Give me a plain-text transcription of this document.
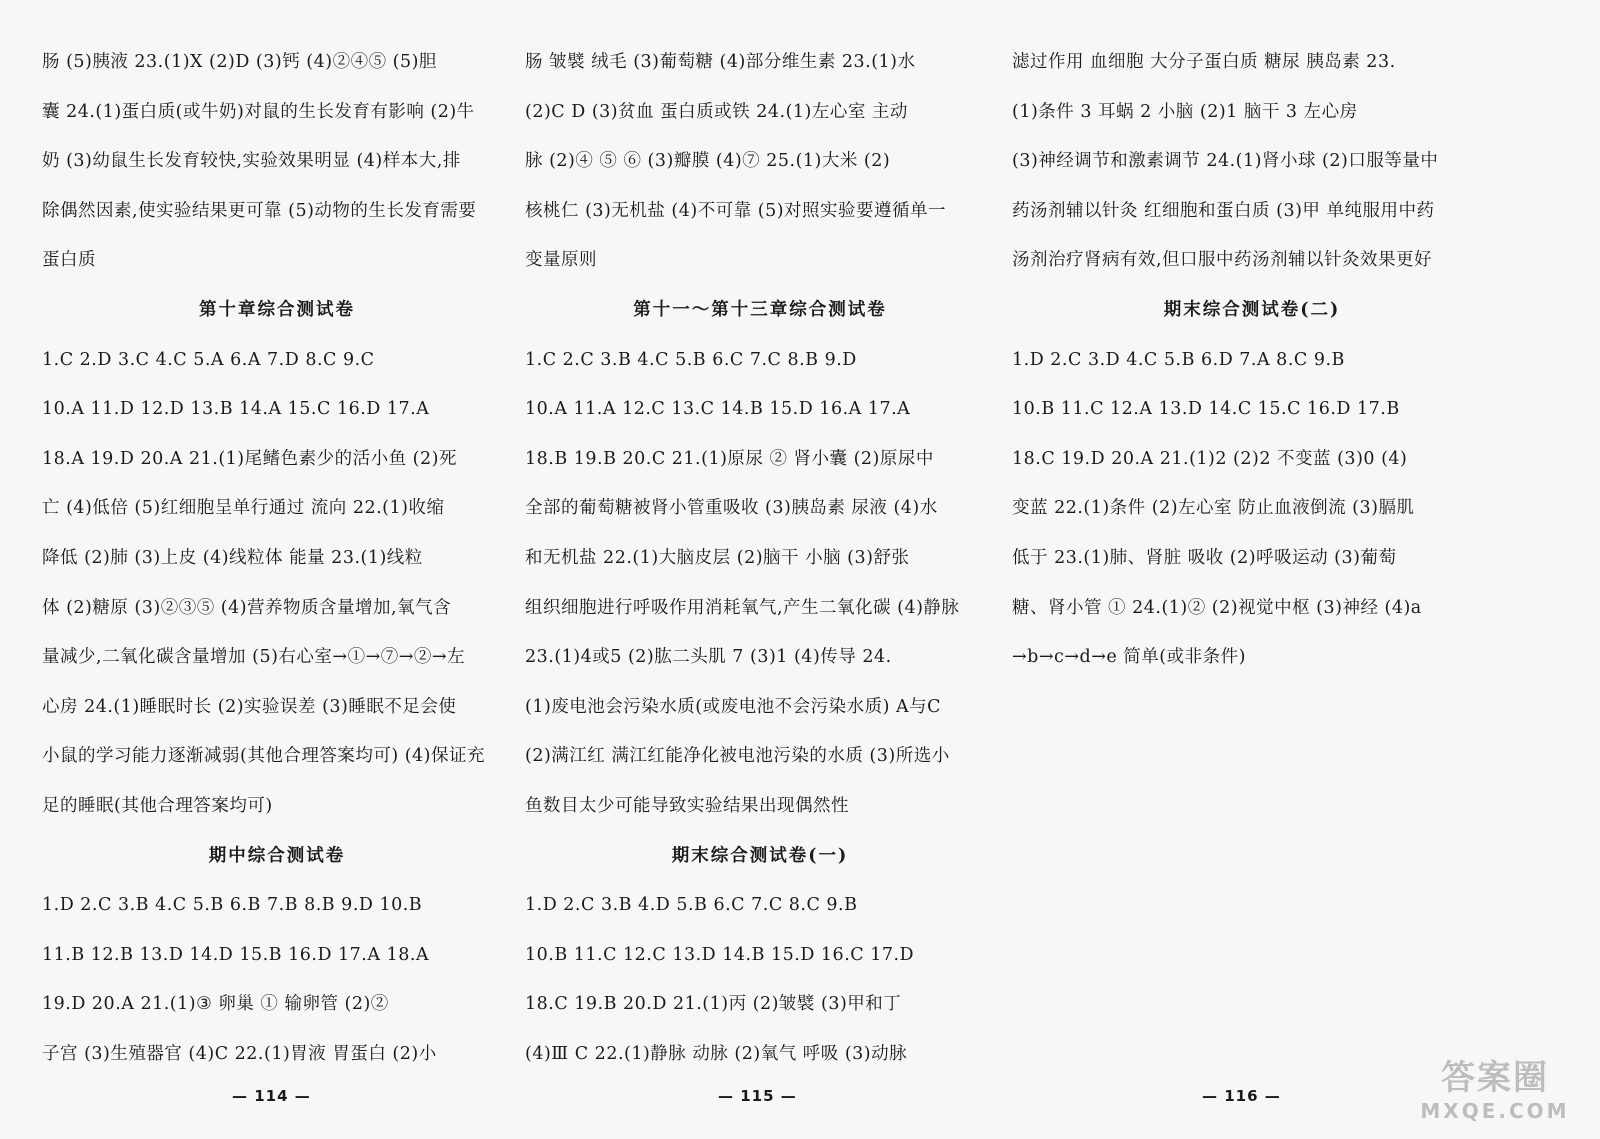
肠 (5)胰液 23.(1)X (2)D (3)钙 (4)②④⑤ (5)胆
囊 24.(1)蛋白质(或牛奶)对鼠的生长发育有影响 (2)牛
奶 (3)幼鼠生长发育较快,实验效果明显 (4)样本大,排
除偶然因素,使实验结果更可靠 (5)动物的生长发育需要
蛋白质
第十章综合测试卷
1.C 2.D 3.C 4.C 5.A 6.A 7.D 8.C 9.C
10.A 11.D 12.D 13.B 14.A 15.C 16.D 17.A
18.A 19.D 20.A 21.(1)尾鳍色素少的活小鱼 (2)死
亡 (4)低倍 (5)红细胞呈单行通过 流向 22.(1)收缩
降低 (2)肺 (3)上皮 (4)线粒体 能量 23.(1)线粒
体 (2)糖原 (3)②③⑤ (4)营养物质含量增加,氧气含
量减少,二氧化碳含量增加 (5)右心室→①→⑦→②→左
心房 24.(1)睡眠时长 (2)实验误差 (3)睡眠不足会使
小鼠的学习能力逐渐减弱(其他合理答案均可) (4)保证充
足的睡眠(其他合理答案均可)
期中综合测试卷
1.D 2.C 3.B 4.C 5.B 6.B 7.B 8.B 9.D 10.B
11.B 12.B 13.D 14.D 15.B 16.D 17.A 18.A
19.D 20.A 21.(1)③ 卵巢 ① 输卵管 (2)②
子宫 (3)生殖器官 (4)C 22.(1)胃液 胃蛋白 (2)小
肠 皱襞 绒毛 (3)葡萄糖 (4)部分维生素 23.(1)水
(2)C D (3)贫血 蛋白质或铁 24.(1)左心室 主动
脉 (2)④ ⑤ ⑥ (3)瓣膜 (4)⑦ 25.(1)大米 (2)
核桃仁 (3)无机盐 (4)不可靠 (5)对照实验要遵循单一
变量原则
第十一～第十三章综合测试卷
1.C 2.C 3.B 4.C 5.B 6.C 7.C 8.B 9.D
10.A 11.A 12.C 13.C 14.B 15.D 16.A 17.A
18.B 19.B 20.C 21.(1)原尿 ② 肾小囊 (2)原尿中
全部的葡萄糖被肾小管重吸收 (3)胰岛素 尿液 (4)水
和无机盐 22.(1)大脑皮层 (2)脑干 小脑 (3)舒张
组织细胞进行呼吸作用消耗氧气,产生二氧化碳 (4)静脉
23.(1)4或5 (2)肱二头肌 7 (3)1 (4)传导 24.
(1)废电池会污染水质(或废电池不会污染水质) A与C
(2)满江红 满江红能净化被电池污染的水质 (3)所选小
鱼数目太少可能导致实验结果出现偶然性
期末综合测试卷(一)
1.D 2.C 3.B 4.D 5.B 6.C 7.C 8.C 9.B
10.B 11.C 12.C 13.D 14.B 15.D 16.C 17.D
18.C 19.B 20.D 21.(1)丙 (2)皱襞 (3)甲和丁
(4)Ⅲ C 22.(1)静脉 动脉 (2)氧气 呼吸 (3)动脉
滤过作用 血细胞 大分子蛋白质 糖尿 胰岛素 23.
(1)条件 3 耳蜗 2 小脑 (2)1 脑干 3 左心房
(3)神经调节和激素调节 24.(1)肾小球 (2)口服等量中
药汤剂辅以针灸 红细胞和蛋白质 (3)甲 单纯服用中药
汤剂治疗肾病有效,但口服中药汤剂辅以针灸效果更好
期末综合测试卷(二)
1.D 2.C 3.D 4.C 5.B 6.D 7.A 8.C 9.B
10.B 11.C 12.A 13.D 14.C 15.C 16.D 17.B
18.C 19.D 20.A 21.(1)2 (2)2 不变蓝 (3)0 (4)
变蓝 22.(1)条件 (2)左心室 防止血液倒流 (3)膈肌
低于 23.(1)肺、肾脏 吸收 (2)呼吸运动 (3)葡萄
糖、肾小管 ① 24.(1)② (2)视觉中枢 (3)神经 (4)a
→b→c→d→e 简单(或非条件)
— 114 —	— 115 —	— 116 —	答案圈
MXQE.COM
